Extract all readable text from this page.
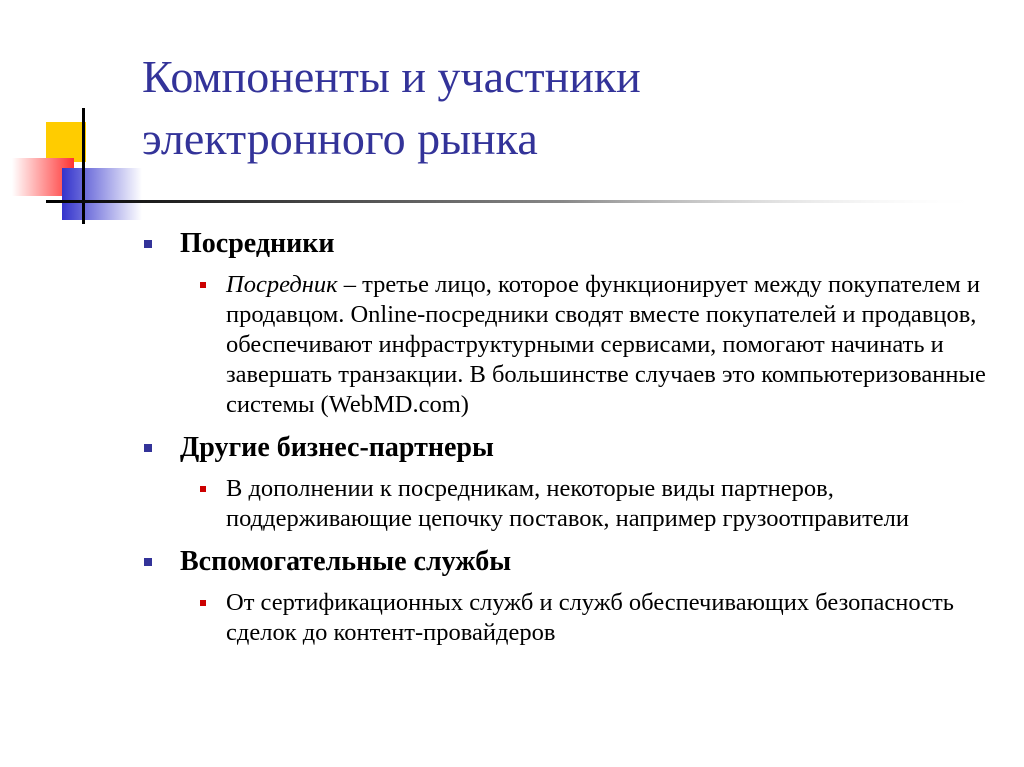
Компоненты и участники
электронного рынка
Посредники
Посредник – третье лицо, которое функционирует между покупателем и продавцом. Online-посредники сводят вместе покупателей и продавцов, обеспечивают инфраструктурными сервисами, помогают начинать и завершать транзакции. В большинстве случаев это компьютеризованные системы (WebMD.com)
Другие бизнес-партнеры
В дополнении к посредникам, некоторые виды партнеров, поддерживающие цепочку поставок, например грузоотправители
Вспомогательные службы
От сертификационных служб и служб обеспечивающих безопасность сделок до контент-провайдеров
